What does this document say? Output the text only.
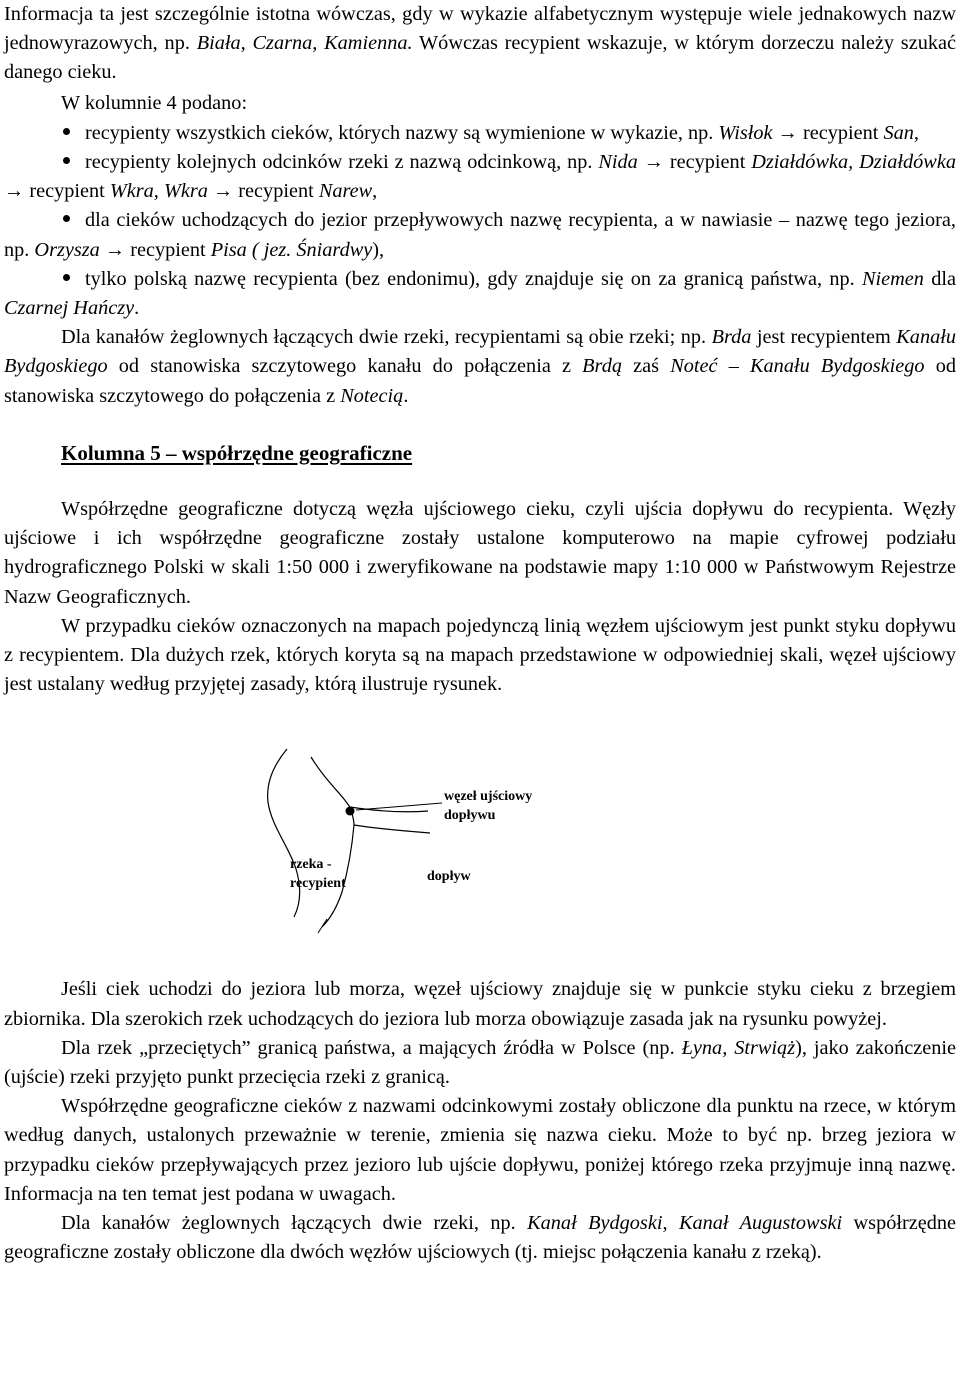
Informacja ta jest szczególnie istotna wówczas, gdy w wykazie alfabetycznym występuje wiele jednakowych nazw jednowyrazowych, np. Biała, Czarna, Kamienna. Wówczas recypient wskazuje, w którym dorzeczu należy szukać danego cieku.

W kolumnie 4 podano:

recypienty wszystkich cieków, których nazwy są wymienione w wykazie, np. Wisłok → recypient San,

recypienty kolejnych odcinków rzeki z nazwą odcinkową, np. Nida → recypient Działdówka, Działdówka → recypient Wkra, Wkra → recypient Narew,

dla cieków uchodzących do jezior przepływowych nazwę recypienta, a w nawiasie – nazwę tego jeziora, np. Orzysza → recypient Pisa ( jez. Śniardwy),

tylko polską nazwę recypienta (bez endonimu), gdy znajduje się on za granicą państwa, np. Niemen dla Czarnej Hańczy.

Dla kanałów żeglownych łączących dwie rzeki, recypientami są obie rzeki; np. Brda jest recypientem Kanału Bydgoskiego od stanowiska szczytowego kanału do połączenia z Brdą zaś Noteć – Kanału Bydgoskiego od stanowiska szczytowego do połączenia z Notecią.

Kolumna 5 – współrzędne geograficzne

Współrzędne geograficzne dotyczą węzła ujściowego cieku, czyli ujścia dopływu do recypienta. Węzły ujściowe i ich współrzędne geograficzne zostały ustalone komputerowo na mapie cyfrowej podziału hydrograficznego Polski w skali 1:50 000 i zweryfikowane na podstawie mapy 1:10 000 w Państwowym Rejestrze Nazw Geograficznych.

W przypadku cieków oznaczonych na mapach pojedynczą linią węzłem ujściowym jest punkt styku dopływu z recypientem. Dla dużych rzek, których koryta są na mapach przedstawione w odpowiedniej skali, węzeł ujściowy jest ustalany według przyjętej zasady, którą ilustruje rysunek.

węzeł ujściowy dopływu
rzeka - recypient	dopływ

Jeśli ciek uchodzi do jeziora lub morza, węzeł ujściowy znajduje się w punkcie styku cieku z brzegiem zbiornika. Dla szerokich rzek uchodzących do jeziora lub morza obowiązuje zasada jak na rysunku powyżej.

Dla rzek „przeciętych” granicą państwa, a mających źródła w Polsce (np. Łyna, Strwiąż), jako zakończenie (ujście) rzeki przyjęto punkt przecięcia rzeki z granicą.

Współrzędne geograficzne cieków z nazwami odcinkowymi zostały obliczone dla punktu na rzece, w którym według danych, ustalonych przeważnie w terenie, zmienia się nazwa cieku. Może to być np. brzeg jeziora w przypadku cieków przepływających przez jezioro lub ujście dopływu, poniżej którego rzeka przyjmuje inną nazwę. Informacja na ten temat jest podana w uwagach.

Dla kanałów żeglownych łączących dwie rzeki, np. Kanał Bydgoski, Kanał Augustowski współrzędne geograficzne zostały obliczone dla dwóch węzłów ujściowych (tj. miejsc połączenia kanału z rzeką).
